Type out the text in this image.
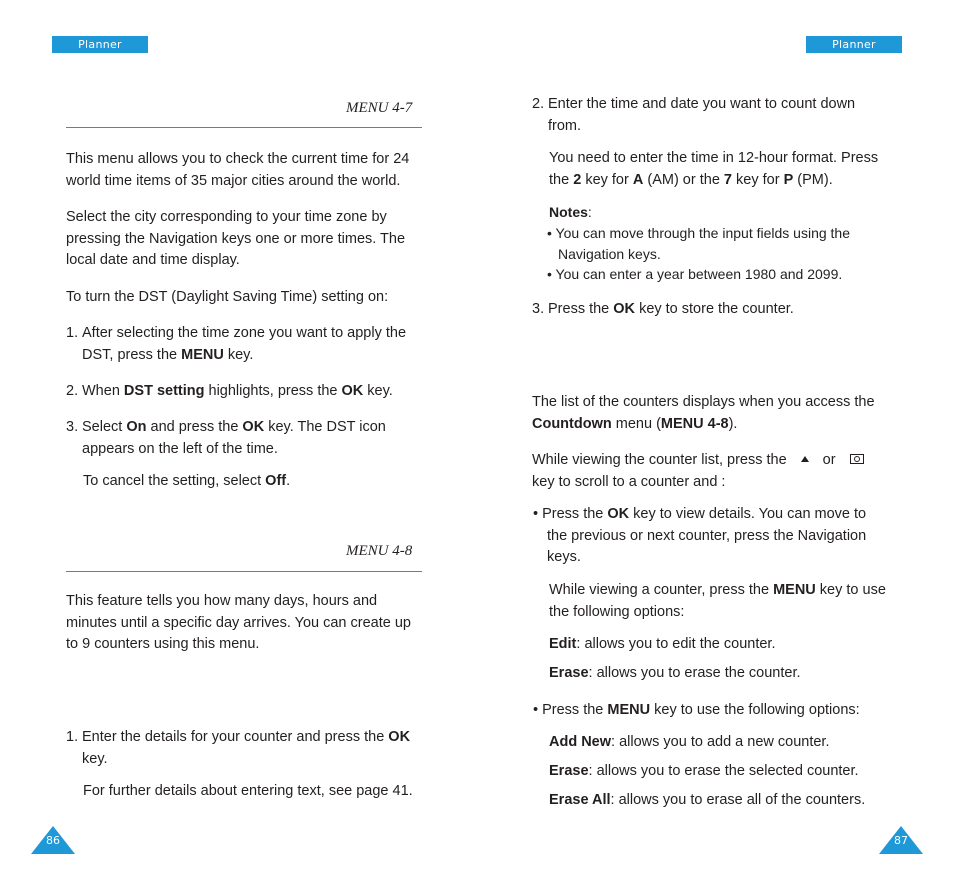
Planner	Planner
MENU 4-7

This menu allows you to check the current time for 24 world time items of 35 major cities around the world.

Select the city corresponding to your time zone by pressing the Navigation keys one or more times. The local date and time display.

To turn the DST (Daylight Saving Time) setting on:

1. After selecting the time zone you want to apply the DST, press the MENU key.

2. When DST setting highlights, press the OK key.

3. Select On and press the OK key. The DST icon appears on the left of the time.

To cancel the setting, select Off.

MENU 4-8

This feature tells you how many days, hours and minutes until a specific day arrives. You can create up to 9 counters using this menu.

1. Enter the details for your counter and press the OK key.

For further details about entering text, see page 41.

2. Enter the time and date you want to count down from.

You need to enter the time in 12-hour format. Press the 2 key for A (AM) or the 7 key for P (PM).

Notes:

• You can move through the input fields using the Navigation keys.

• You can enter a year between 1980 and 2099.

3. Press the OK key to store the counter.

The list of the counters displays when you access the Countdown menu (MENU 4-8).

While viewing the counter list, press the or
key to scroll to a counter and :

• Press the OK key to view details. You can move to the previous or next counter, press the Navigation keys.

While viewing a counter, press the MENU key to use the following options:

Edit: allows you to edit the counter.

Erase: allows you to erase the counter.

• Press the MENU key to use the following options:

Add New: allows you to add a new counter.

Erase: allows you to erase the selected counter.

Erase All: allows you to erase all of the counters.

86	87
